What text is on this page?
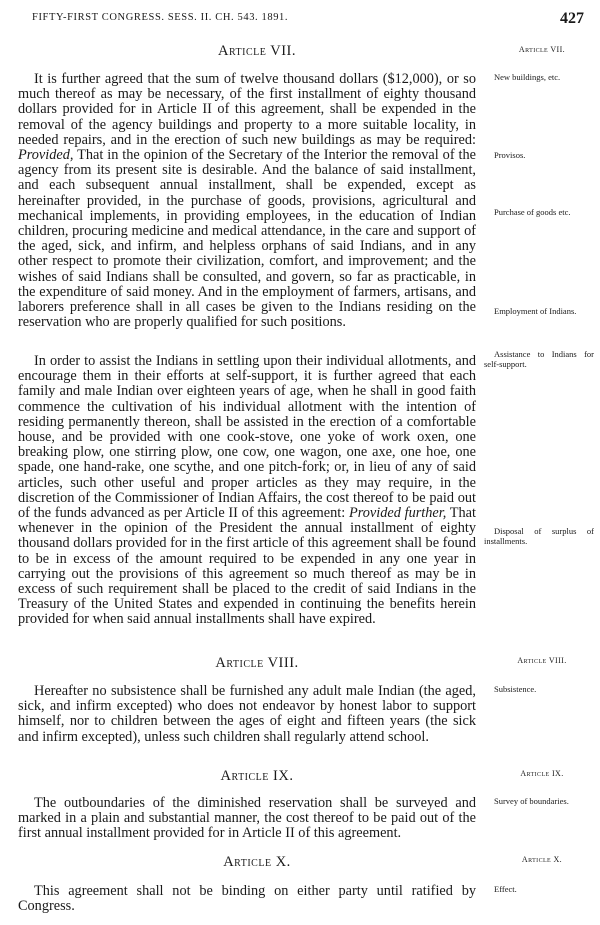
FIFTY-FIRST CONGRESS. SESS. II. CH. 543. 1891.	427
Article VII.

It is further agreed that the sum of twelve thousand dollars ($12,000), or so much thereof as may be necessary, of the first installment of eighty thousand dollars provided for in Article II of this agreement, shall be expended in the removal of the agency buildings and property to a more suitable locality, in needed repairs, and in the erection of such new buildings as may be required: Provided, That in the opinion of the Secretary of the Interior the removal of the agency from its present site is desirable. And the balance of said installment, and each subsequent annual installment, shall be expended, except as hereinafter provided, in the purchase of goods, provisions, agricultural and mechanical implements, in providing employees, in the education of Indian children, procuring medicine and medical attendance, in the care and support of the aged, sick, and infirm, and helpless orphans of said Indians, and in any other respect to promote their civilization, comfort, and improvement; and the wishes of said Indians shall be consulted, and govern, so far as practicable, in the expenditure of said money. And in the employment of farmers, artisans, and laborers preference shall in all cases be given to the Indians residing on the reservation who are properly qualified for such positions.

In order to assist the Indians in settling upon their individual allotments, and encourage them in their efforts at self-support, it is further agreed that each family and male Indian over eighteen years of age, when he shall in good faith commence the cultivation of his individual allotment with the intention of residing permanently thereon, shall be assisted in the erection of a comfortable house, and be provided with one cook-stove, one yoke of work oxen, one breaking plow, one stirring plow, one cow, one wagon, one axe, one hoe, one spade, one hand-rake, one scythe, and one pitch-fork; or, in lieu of any of said articles, such other useful and proper articles as they may require, in the discretion of the Commissioner of Indian Affairs, the cost thereof to be paid out of the funds advanced as per Article II of this agreement: Provided further, That whenever in the opinion of the President the annual installment of eighty thousand dollars provided for in the first article of this agreement shall be found to be in excess of the amount required to be expended in any one year in carrying out the provisions of this agreement so much thereof as may be in excess of such requirement shall be placed to the credit of said Indians in the Treasury of the United States and expended in continuing the benefits herein provided for when said annual installments shall have expired.

Article VIII.

Hereafter no subsistence shall be furnished any adult male Indian (the aged, sick, and infirm excepted) who does not endeavor by honest labor to support himself, nor to children between the ages of eight and fifteen years (the sick and infirm excepted), unless such children shall regularly attend school.

Article IX.

The outboundaries of the diminished reservation shall be surveyed and marked in a plain and substantial manner, the cost thereof to be paid out of the first annual installment provided for in Article II of this agreement.

Article X.

This agreement shall not be binding on either party until ratified by Congress.

Article VII.
New buildings, etc.
Provisos.
Purchase of goods etc.
Employment of Indians.
Assistance to Indians for self-support.
Disposal of surplus of installments.
Article VIII.
Subsistence.
Article IX.
Survey of boundaries.
Article X.
Effect.
